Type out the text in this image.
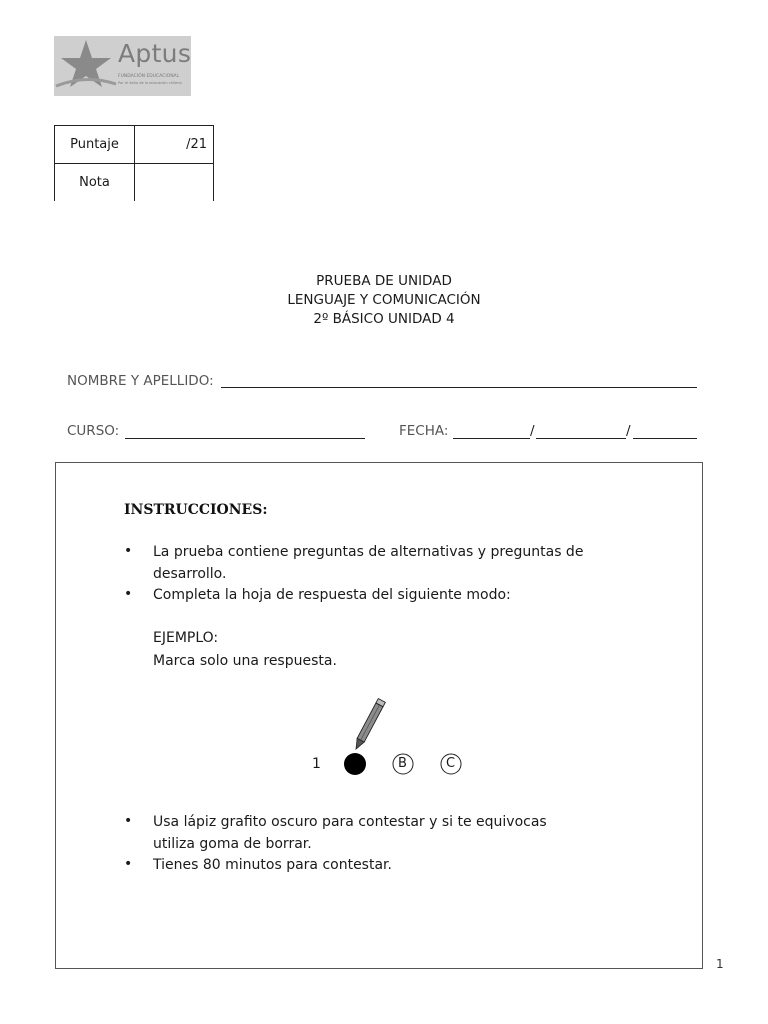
Aptus
FUNDACIÓN EDUCACIONAL
Por el éxito de la educación chilena
Puntaje	/21
Nota	
PRUEBA DE UNIDAD
LENGUAJE Y COMUNICACIÓN
2º BÁSICO UNIDAD 4
NOMBRE Y APELLIDO:
CURSO:	FECHA:	/	/
INSTRUCCIONES:
• La prueba contiene preguntas de alternativas y preguntas de
desarrollo.
• Completa la hoja de respuesta del siguiente modo:
EJEMPLO:
Marca solo una respuesta.
1	B	C
• Usa lápiz grafito oscuro para contestar y si te equivocas
utiliza goma de borrar.
• Tienes 80 minutos para contestar.
1
